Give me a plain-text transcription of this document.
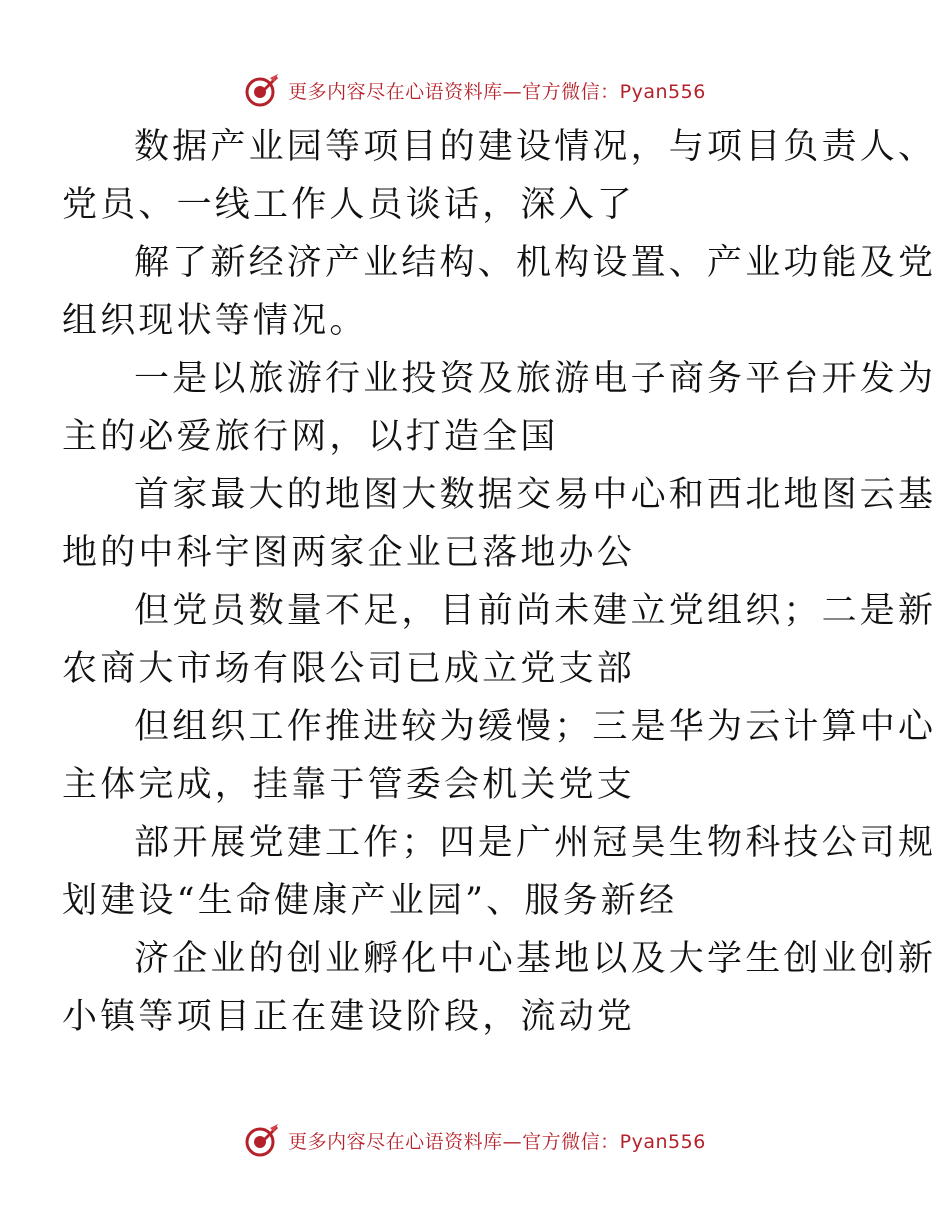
更多内容尽在心语资料库—官方微信：Pyan556

数据产业园等项目的建设情况，与项目负责人、
党员、一线工作人员谈话，深入了

解了新经济产业结构、机构设置、产业功能及党
组织现状等情况。

一是以旅游行业投资及旅游电子商务平台开发为
主的必爱旅行网，以打造全国

首家最大的地图大数据交易中心和西北地图云基
地的中科宇图两家企业已落地办公

但党员数量不足，目前尚未建立党组织；二是新
农商大市场有限公司已成立党支部

但组织工作推进较为缓慢；三是华为云计算中心
主体完成，挂靠于管委会机关党支

部开展党建工作；四是广州冠昊生物科技公司规
划建设“生命健康产业园”、服务新经

济企业的创业孵化中心基地以及大学生创业创新
小镇等项目正在建设阶段，流动党

更多内容尽在心语资料库—官方微信：Pyan556
